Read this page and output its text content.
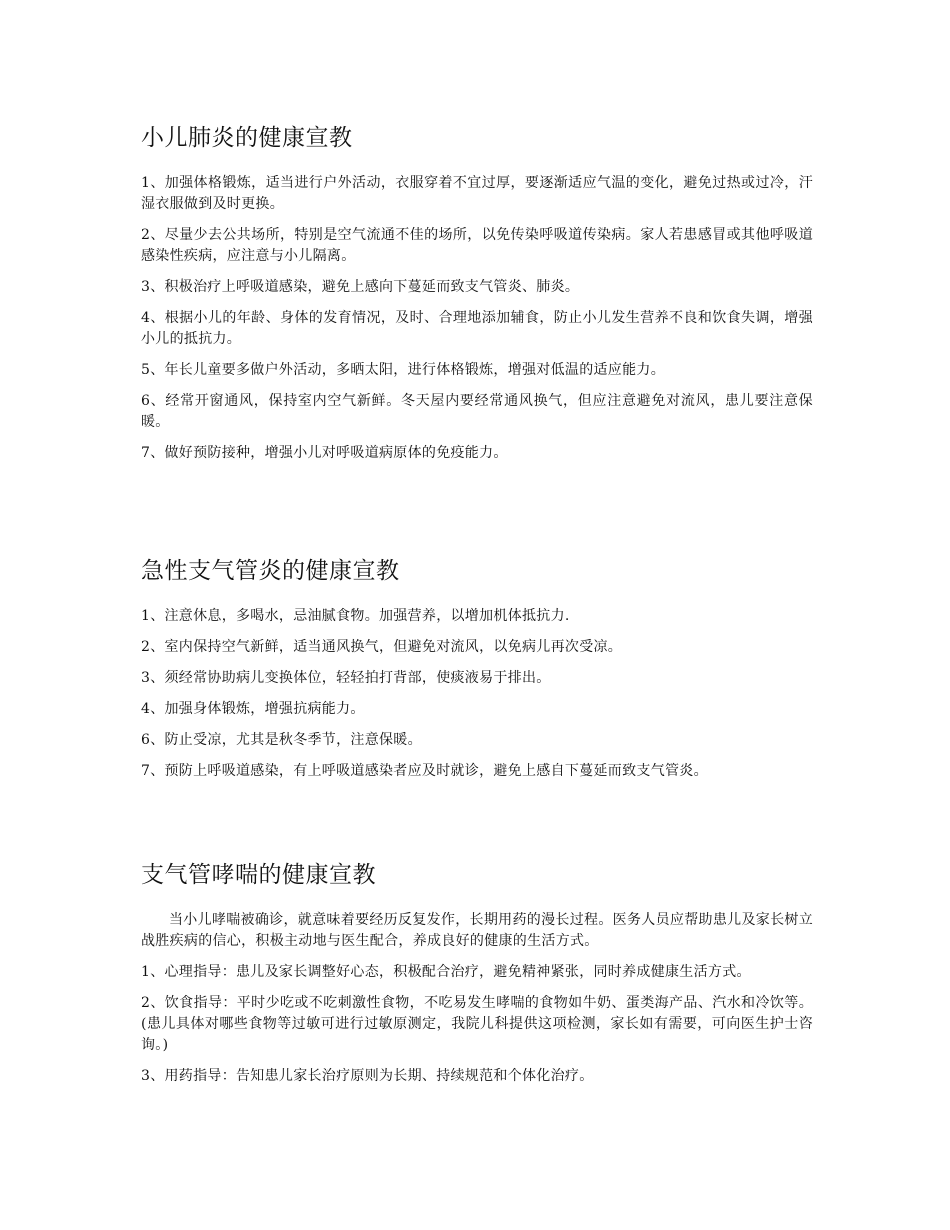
小儿肺炎的健康宣教

1、加强体格锻炼，适当进行户外活动，衣服穿着不宜过厚，要逐渐适应气温的变化，避免过热或过冷，汗湿衣服做到及时更换。

2、尽量少去公共场所，特别是空气流通不佳的场所，以免传染呼吸道传染病。家人若患感冒或其他呼吸道感染性疾病，应注意与小儿隔离。

3、积极治疗上呼吸道感染，避免上感向下蔓延而致支气管炎、肺炎。

4、根据小儿的年龄、身体的发育情况，及时、合理地添加辅食，防止小儿发生营养不良和饮食失调，增强小儿的抵抗力。

5、年长儿童要多做户外活动，多晒太阳，进行体格锻炼，增强对低温的适应能力。

6、经常开窗通风，保持室内空气新鲜。冬天屋内要经常通风换气，但应注意避免对流风，患儿要注意保暖。

7、做好预防接种，增强小儿对呼吸道病原体的免疫能力。

急性支气管炎的健康宣教

1、注意休息，多喝水，忌油腻食物。加强营养，以增加机体抵抗力.

2、室内保持空气新鲜，适当通风换气，但避免对流风，以免病儿再次受凉。

3、须经常协助病儿变换体位，轻轻拍打背部，使痰液易于排出。

4、加强身体锻炼，增强抗病能力。

6、防止受凉，尤其是秋冬季节，注意保暖。

7、预防上呼吸道感染，有上呼吸道感染者应及时就诊，避免上感自下蔓延而致支气管炎。

支气管哮喘的健康宣教

当小儿哮喘被确诊，就意味着要经历反复发作，长期用药的漫长过程。医务人员应帮助患儿及家长树立战胜疾病的信心，积极主动地与医生配合，养成良好的健康的生活方式。

1、心理指导：患儿及家长调整好心态，积极配合治疗，避免精神紧张，同时养成健康生活方式。

2、饮食指导：平时少吃或不吃刺激性食物，不吃易发生哮喘的食物如牛奶、蛋类海产品、汽水和冷饮等。(患儿具体对哪些食物等过敏可进行过敏原测定，我院儿科提供这项检测，家长如有需要，可向医生护士咨询。)

3、用药指导：告知患儿家长治疗原则为长期、持续规范和个体化治疗。
